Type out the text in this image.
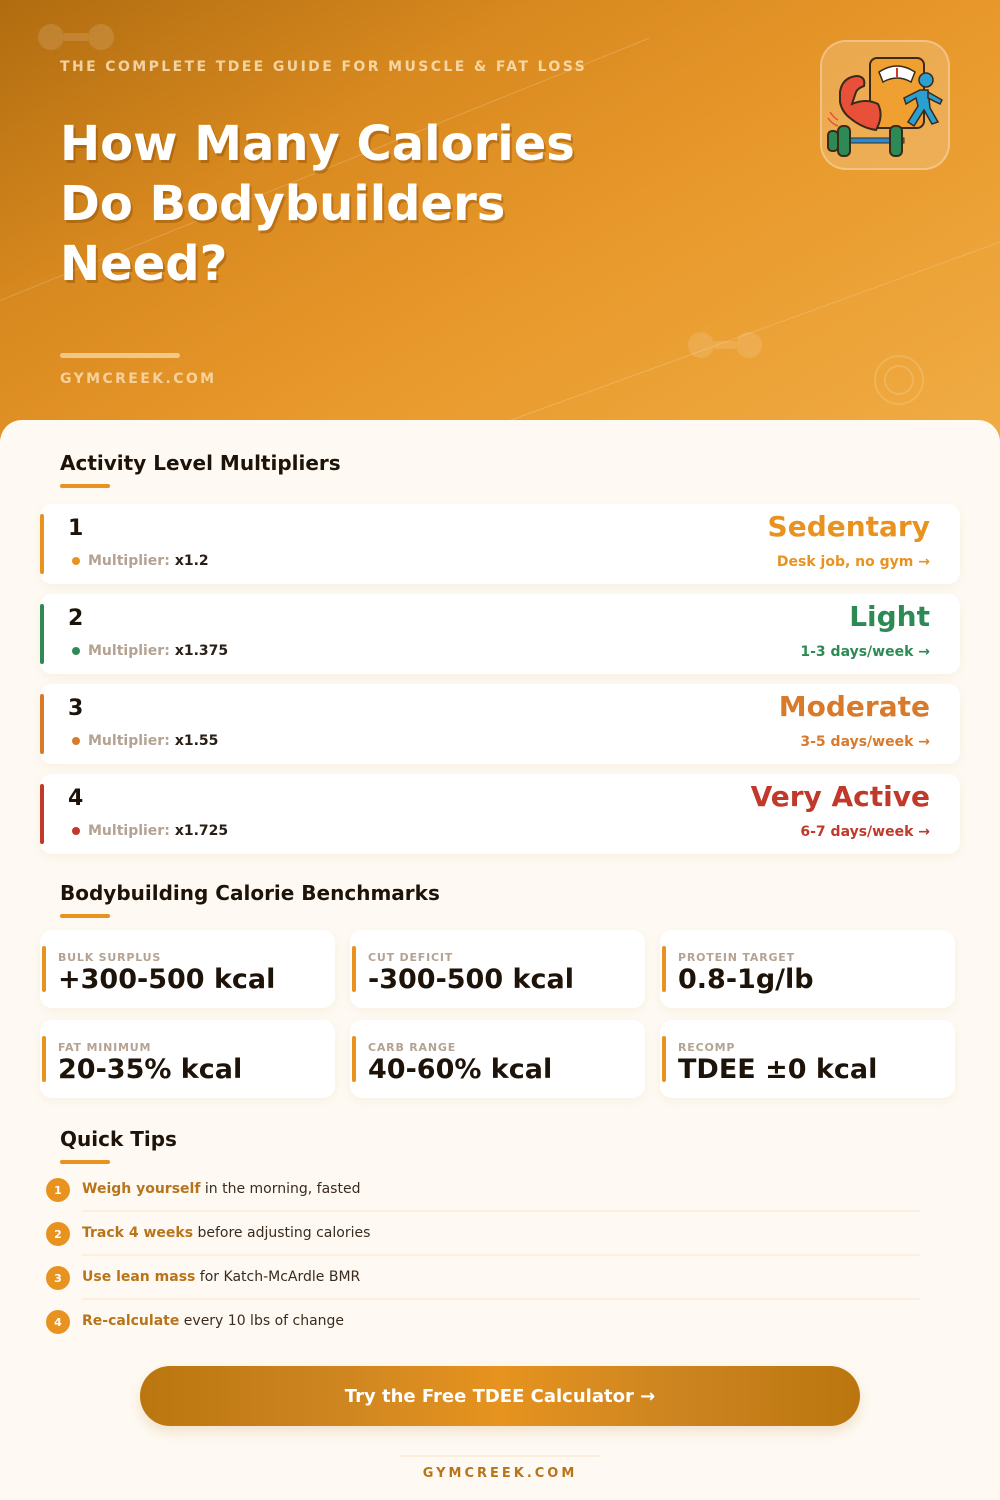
THE COMPLETE TDEE GUIDE FOR MUSCLE & FAT LOSS
How Many Calories Do Bodybuilders Need?
GYMCREEK.COM
Activity Level Multipliers
1
Multiplier: x1.2
Sedentary
Desk job, no gym →
2
Multiplier: x1.375
Light
1-3 days/week →
3
Multiplier: x1.55
Moderate
3-5 days/week →
4
Multiplier: x1.725
Very Active
6-7 days/week →
Bodybuilding Calorie Benchmarks
BULK SURPLUS
+300-500 kcal
CUT DEFICIT
-300-500 kcal
PROTEIN TARGET
0.8-1g/lb
FAT MINIMUM
20-35% kcal
CARB RANGE
40-60% kcal
RECOMP
TDEE ±0 kcal
Quick Tips
1	Weigh yourself in the morning, fasted
2	Track 4 weeks before adjusting calories
3	Use lean mass for Katch-McArdle BMR
4	Re-calculate every 10 lbs of change
Try the Free TDEE Calculator →
GYMCREEK.COM
